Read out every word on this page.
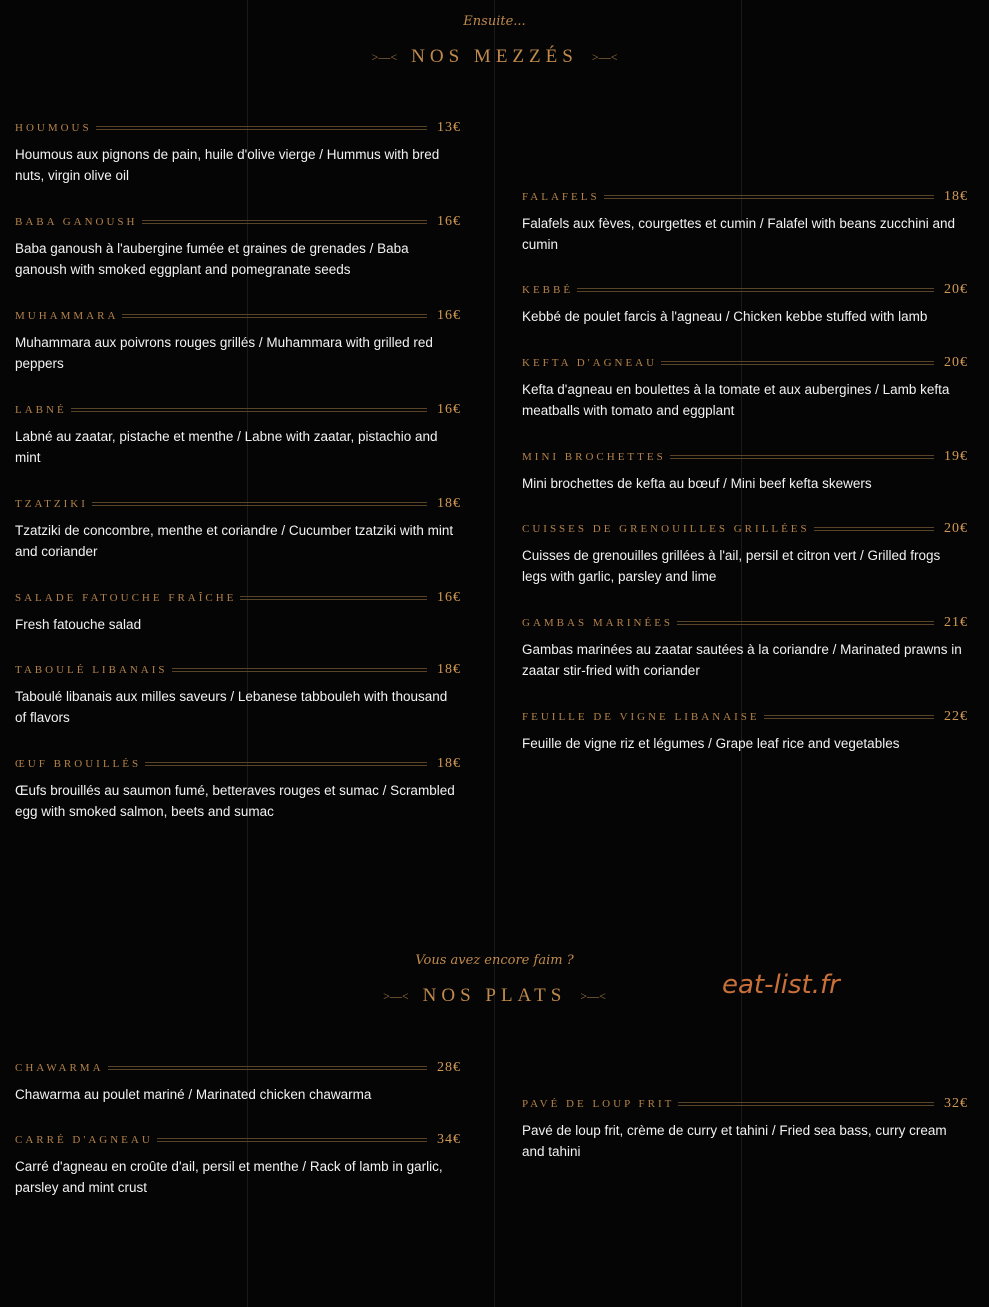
Ensuite...
>—< NOS MEZZÉS >—<
HOUMOUS	13€
Houmous aux pignons de pain, huile d'olive vierge / Hummus with bred nuts, virgin olive oil
BABA GANOUSH	16€
Baba ganoush à l'aubergine fumée et graines de grenades / Baba ganoush with smoked eggplant and pomegranate seeds
MUHAMMARA	16€
Muhammara aux poivrons rouges grillés / Muhammara with grilled red peppers
LABNÉ	16€
Labné au zaatar, pistache et menthe / Labne with zaatar, pistachio and mint
TZATZIKI	18€
Tzatziki de concombre, menthe et coriandre / Cucumber tzatziki with mint and coriander
SALADE FATOUCHE FRAÎCHE	16€
Fresh fatouche salad
TABOULÉ LIBANAIS	18€
Taboulé libanais aux milles saveurs / Lebanese tabbouleh with thousand of flavors
ŒUF BROUILLÉS	18€
Œufs brouillés au saumon fumé, betteraves rouges et sumac / Scrambled egg with smoked salmon, beets and sumac
FALAFELS	18€
Falafels aux fèves, courgettes et cumin / Falafel with beans zucchini and cumin
KEBBÉ	20€
Kebbé de poulet farcis à l'agneau / Chicken kebbe stuffed with lamb
KEFTA D'AGNEAU	20€
Kefta d'agneau en boulettes à la tomate et aux aubergines / Lamb kefta meatballs with tomato and eggplant
MINI BROCHETTES	19€
Mini brochettes de kefta au bœuf / Mini beef kefta skewers
CUISSES DE GRENOUILLES GRILLÉES	20€
Cuisses de grenouilles grillées à l'ail, persil et citron vert / Grilled frogs legs with garlic, parsley and lime
GAMBAS MARINÉES	21€
Gambas marinées au zaatar sautées à la coriandre / Marinated prawns in zaatar stir-fried with coriander
FEUILLE DE VIGNE LIBANAISE	22€
Feuille de vigne riz et légumes / Grape leaf rice and vegetables
Vous avez encore faim ?
>—< NOS PLATS >—<	eat-list.fr
CHAWARMA	28€
Chawarma au poulet mariné / Marinated chicken chawarma
CARRÉ D'AGNEAU	34€
Carré d'agneau en croûte d'ail, persil et menthe / Rack of lamb in garlic, parsley and mint crust
PAVÉ DE LOUP FRIT	32€
Pavé de loup frit, crème de curry et tahini / Fried sea bass, curry cream and tahini
